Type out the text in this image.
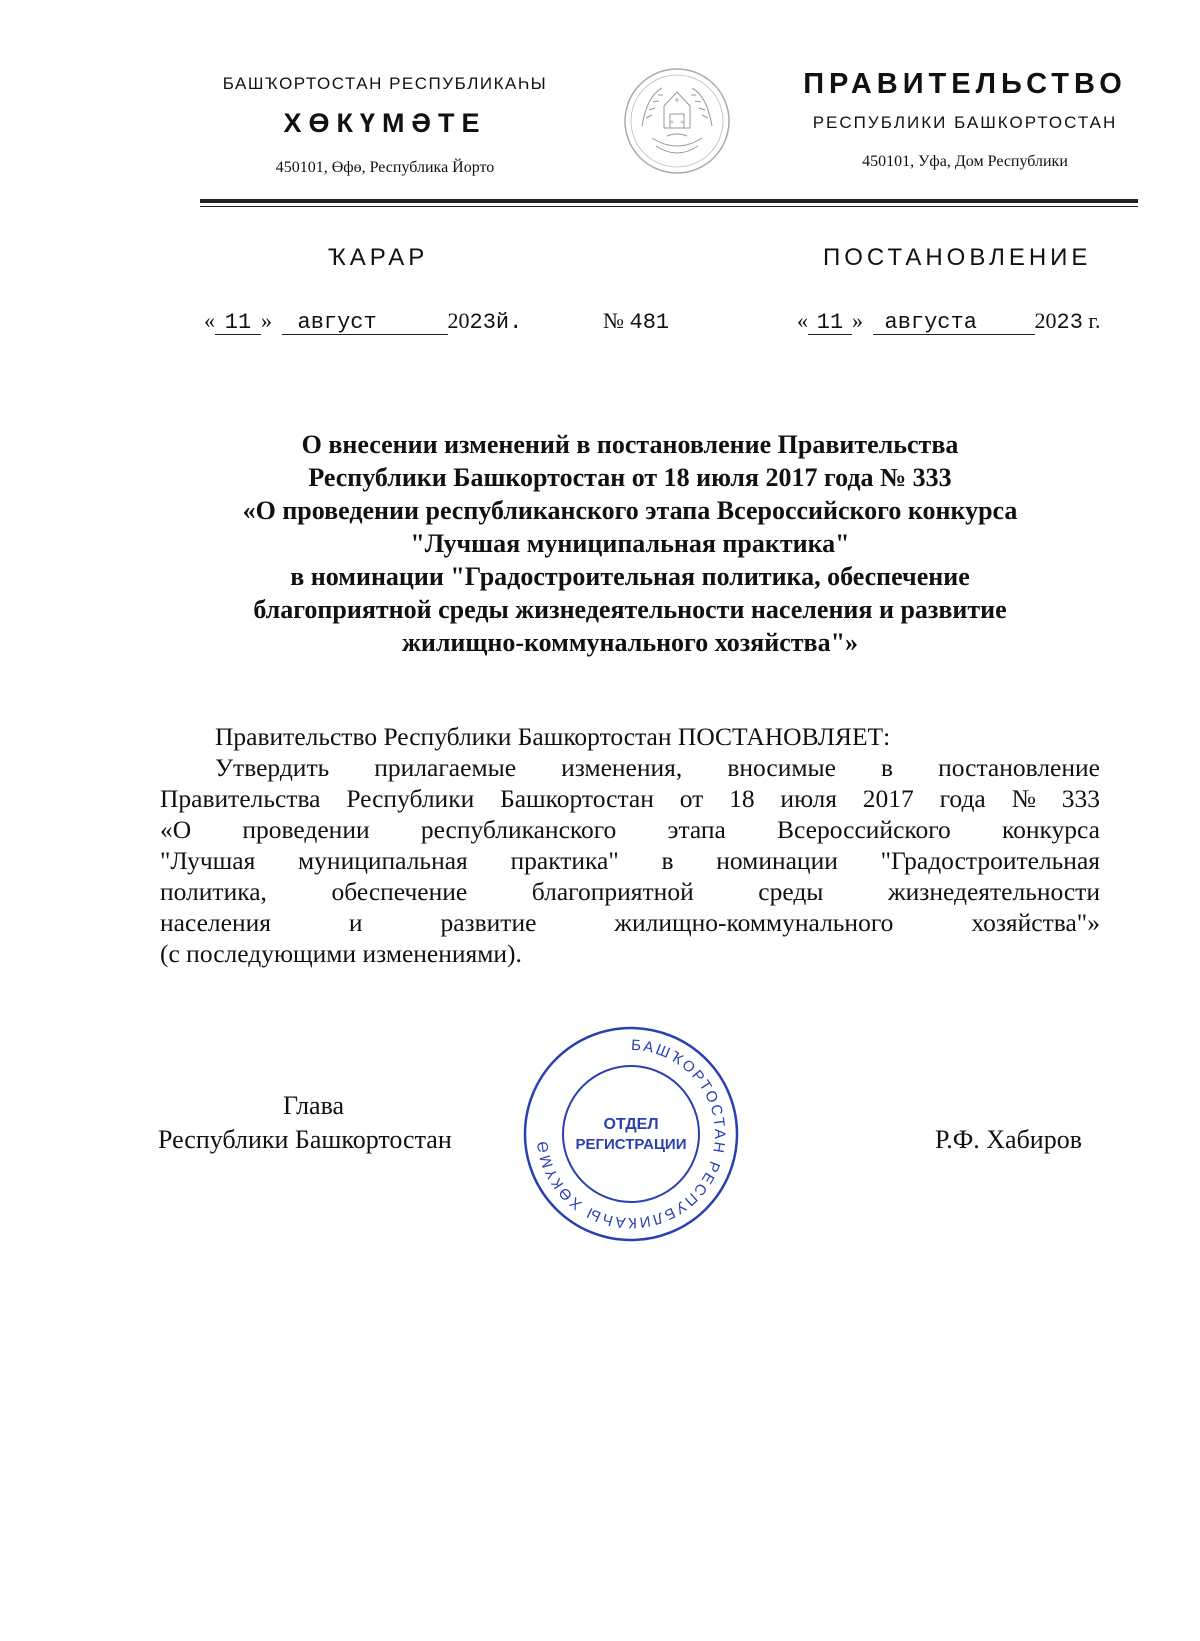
БАШҠОРТОСТАН РЕСПУБЛИКАҺЫ
ХӨКҮМӘТЕ
450101, Өфө, Республика Йорто
ПРАВИТЕЛЬСТВО
РЕСПУБЛИКИ БАШКОРТОСТАН
450101, Уфа, Дом Республики
ҠАРАР	ПОСТАНОВЛЕНИЕ
« 11 » август	2023й.	№ 481	« 11 » августа	2023 г.
О внесении изменений в постановление Правительства
Республики Башкортостан от 18 июля 2017 года № 333
«О проведении республиканского этапа Всероссийского конкурса
"Лучшая муниципальная практика"
в номинации "Градостроительная политика, обеспечение
благоприятной среды жизнедеятельности населения и развитие
жилищно-коммунального хозяйства"»
Правительство Республики Башкортостан ПОСТАНОВЛЯЕТ:
Утвердить прилагаемые изменения, вносимые в постановление
Правительства Республики Башкортостан от 18 июля 2017 года № 333
«О проведении республиканского этапа Всероссийского конкурса
"Лучшая муниципальная практика" в номинации "Градостроительная
политика,	обеспечение	благоприятной	среды	жизнедеятельности
населения	и	развитие	жилищно-коммунального	хозяйства"»
(с последующими изменениями).
Глава
Республики Башкортостан	Р.Ф. Хабиров
БАШҠОРТОСТАН РЕСПУБЛИКАҺЫ ХӨКҮМӘ
ОТДЕЛ
РЕГИСТРАЦИИ
